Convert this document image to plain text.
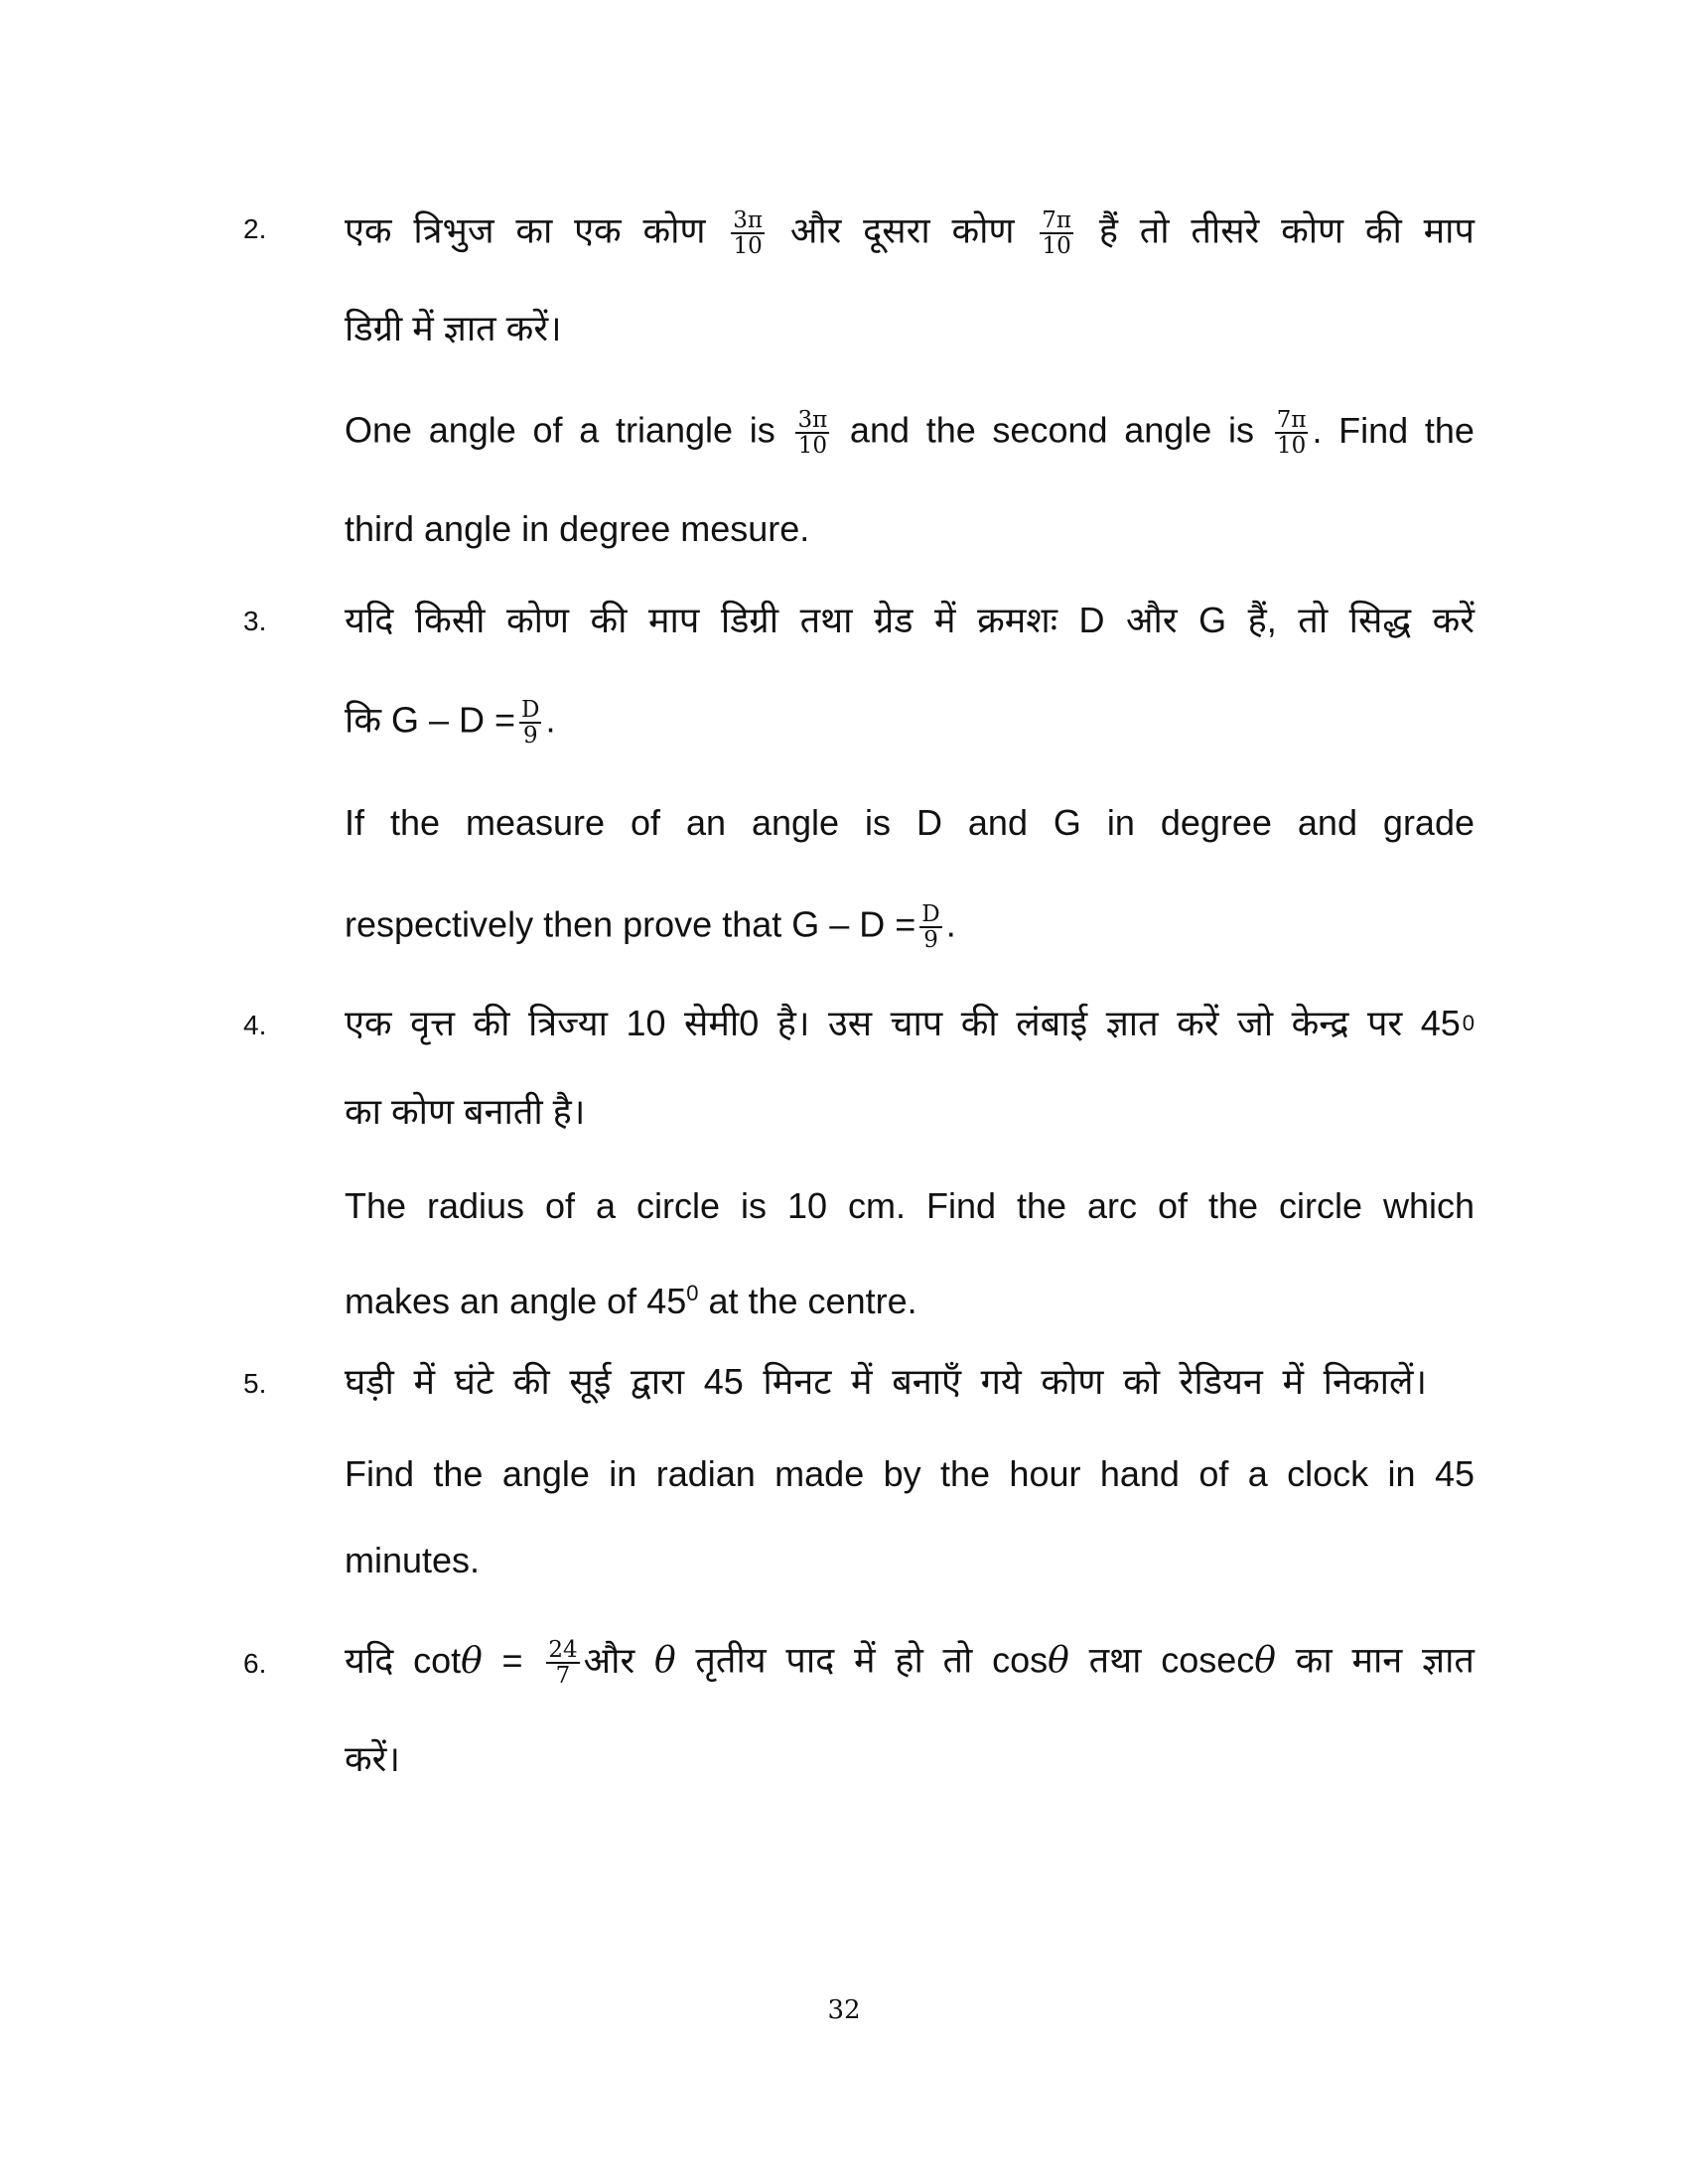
2. एक त्रिभुज का एक कोण $\frac{3\pi}{10}$ और दूसरा कोण $\frac{7\pi}{10}$ हैं तो तीसरे कोण की माप
डिग्री में ज्ञात करें।
One angle of a triangle is $\frac{3\pi}{10}$ and the second angle is $\frac{7\pi}{10}$ . Find the
third angle in degree mesure.
3. यदि किसी कोण की माप डिग्री तथा ग्रेड में क्रमशः D और G हैं, तो सिद्ध करें
कि $G - D = \frac{D}{9}$ .
If the measure of an angle is D and G in degree and grade
respectively then prove that $G - D = \frac{D}{9}$ .
4. एक वृत्त की त्रिज्या 10 सेमी0 है। उस चाप की लंबाई ज्ञात करें जो केन्द्र पर 45 0
का कोण बनाती है।
The radius of a circle is 10 cm. Find the arc of the circle which
makes an angle of $45^0$ at the centre.
5. घड़ी में घंटे की सूई द्वारा 45 मिनट में बनाएँ गये कोण को रेडियन में निकालें।
Find the angle in radian made by the hour hand of a clock in 45
minutes.
6. यदि $\cot\theta = \frac{24}{7}$ और θ तृतीय पाद में हो तो cosθ तथा cosecθ का मान ज्ञात
करें।
32
